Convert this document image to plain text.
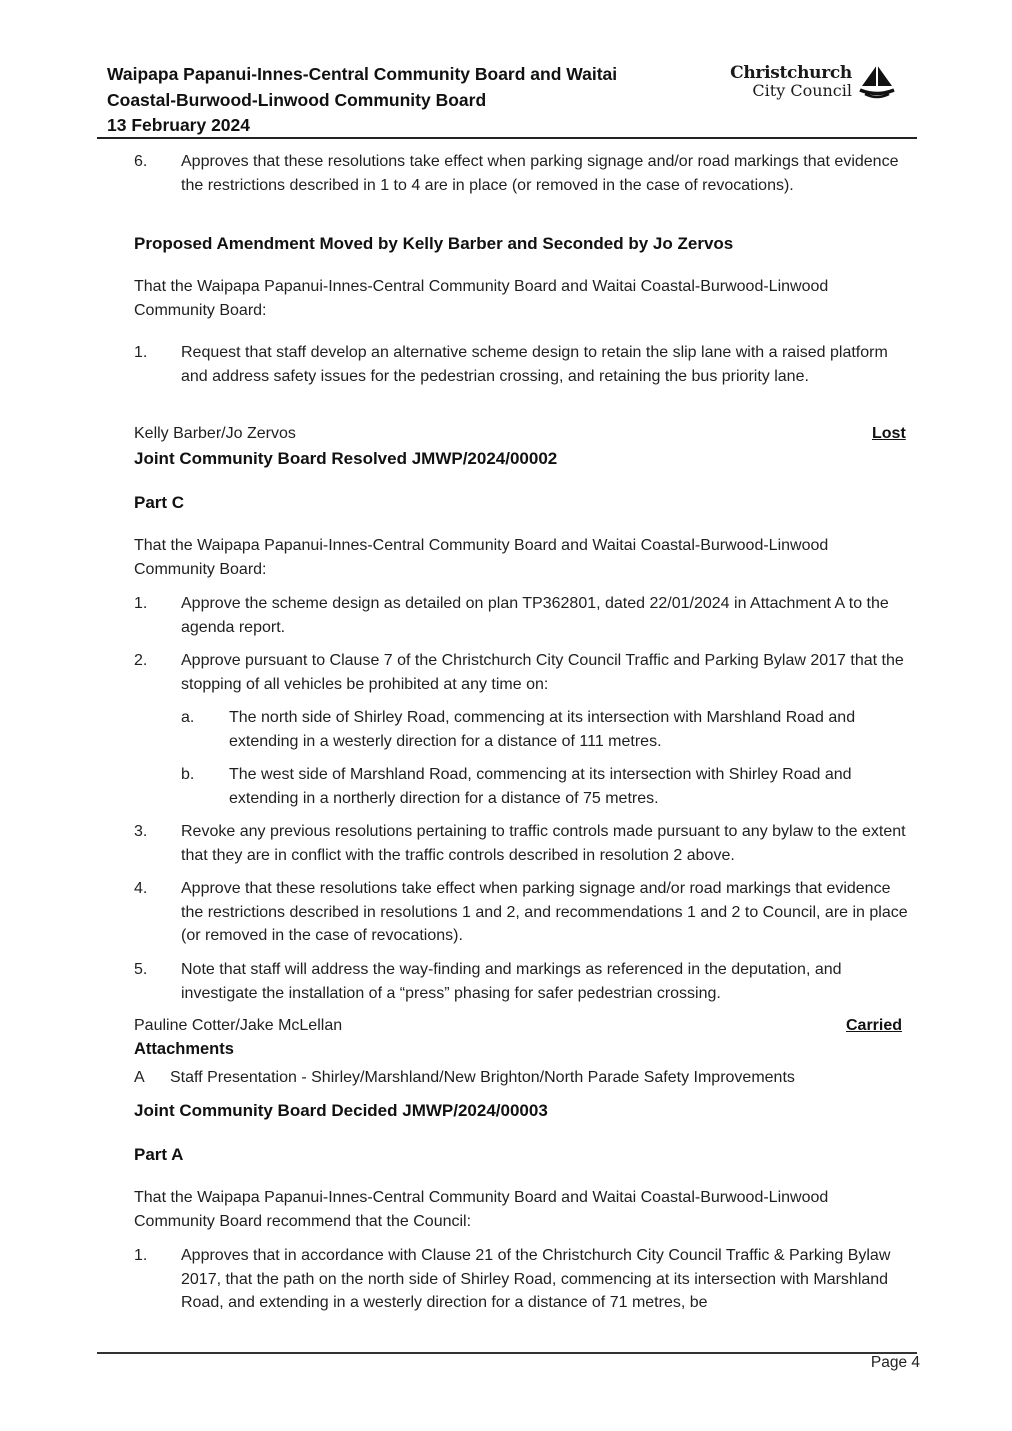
Waipapa Papanui-Innes-Central Community Board and Waitai
Coastal-Burwood-Linwood Community Board
13 February 2024
Christchurch
City Council
6. Approves that these resolutions take effect when parking signage and/or road markings that evidence the restrictions described in 1 to 4 are in place (or removed in the case of revocations).
Proposed Amendment Moved by Kelly Barber and Seconded by Jo Zervos
That the Waipapa Papanui-Innes-Central Community Board and Waitai Coastal-Burwood-Linwood Community Board:
1. Request that staff develop an alternative scheme design to retain the slip lane with a raised platform and address safety issues for the pedestrian crossing, and retaining the bus priority lane.
Kelly Barber/Jo Zervos	Lost
Joint Community Board Resolved JMWP/2024/00002
Part C
That the Waipapa Papanui-Innes-Central Community Board and Waitai Coastal-Burwood-Linwood Community Board:
1. Approve the scheme design as detailed on plan TP362801, dated 22/01/2024 in Attachment A to the agenda report.
2. Approve pursuant to Clause 7 of the Christchurch City Council Traffic and Parking Bylaw 2017 that the stopping of all vehicles be prohibited at any time on:
a. The north side of Shirley Road, commencing at its intersection with Marshland Road and extending in a westerly direction for a distance of 111 metres.
b. The west side of Marshland Road, commencing at its intersection with Shirley Road and extending in a northerly direction for a distance of 75 metres.
3. Revoke any previous resolutions pertaining to traffic controls made pursuant to any bylaw to the extent that they are in conflict with the traffic controls described in resolution 2 above.
4. Approve that these resolutions take effect when parking signage and/or road markings that evidence the restrictions described in resolutions 1 and 2, and recommendations 1 and 2 to Council, are in place (or removed in the case of revocations).
5. Note that staff will address the way-finding and markings as referenced in the deputation, and investigate the installation of a “press” phasing for safer pedestrian crossing.
Pauline Cotter/Jake McLellan	Carried
Attachments
A Staff Presentation - Shirley/Marshland/New Brighton/North Parade Safety Improvements
Joint Community Board Decided JMWP/2024/00003
Part A
That the Waipapa Papanui-Innes-Central Community Board and Waitai Coastal-Burwood-Linwood Community Board recommend that the Council:
1. Approves that in accordance with Clause 21 of the Christchurch City Council Traffic & Parking Bylaw 2017, that the path on the north side of Shirley Road, commencing at its intersection with Marshland Road, and extending in a westerly direction for a distance of 71 metres, be
Page 4
